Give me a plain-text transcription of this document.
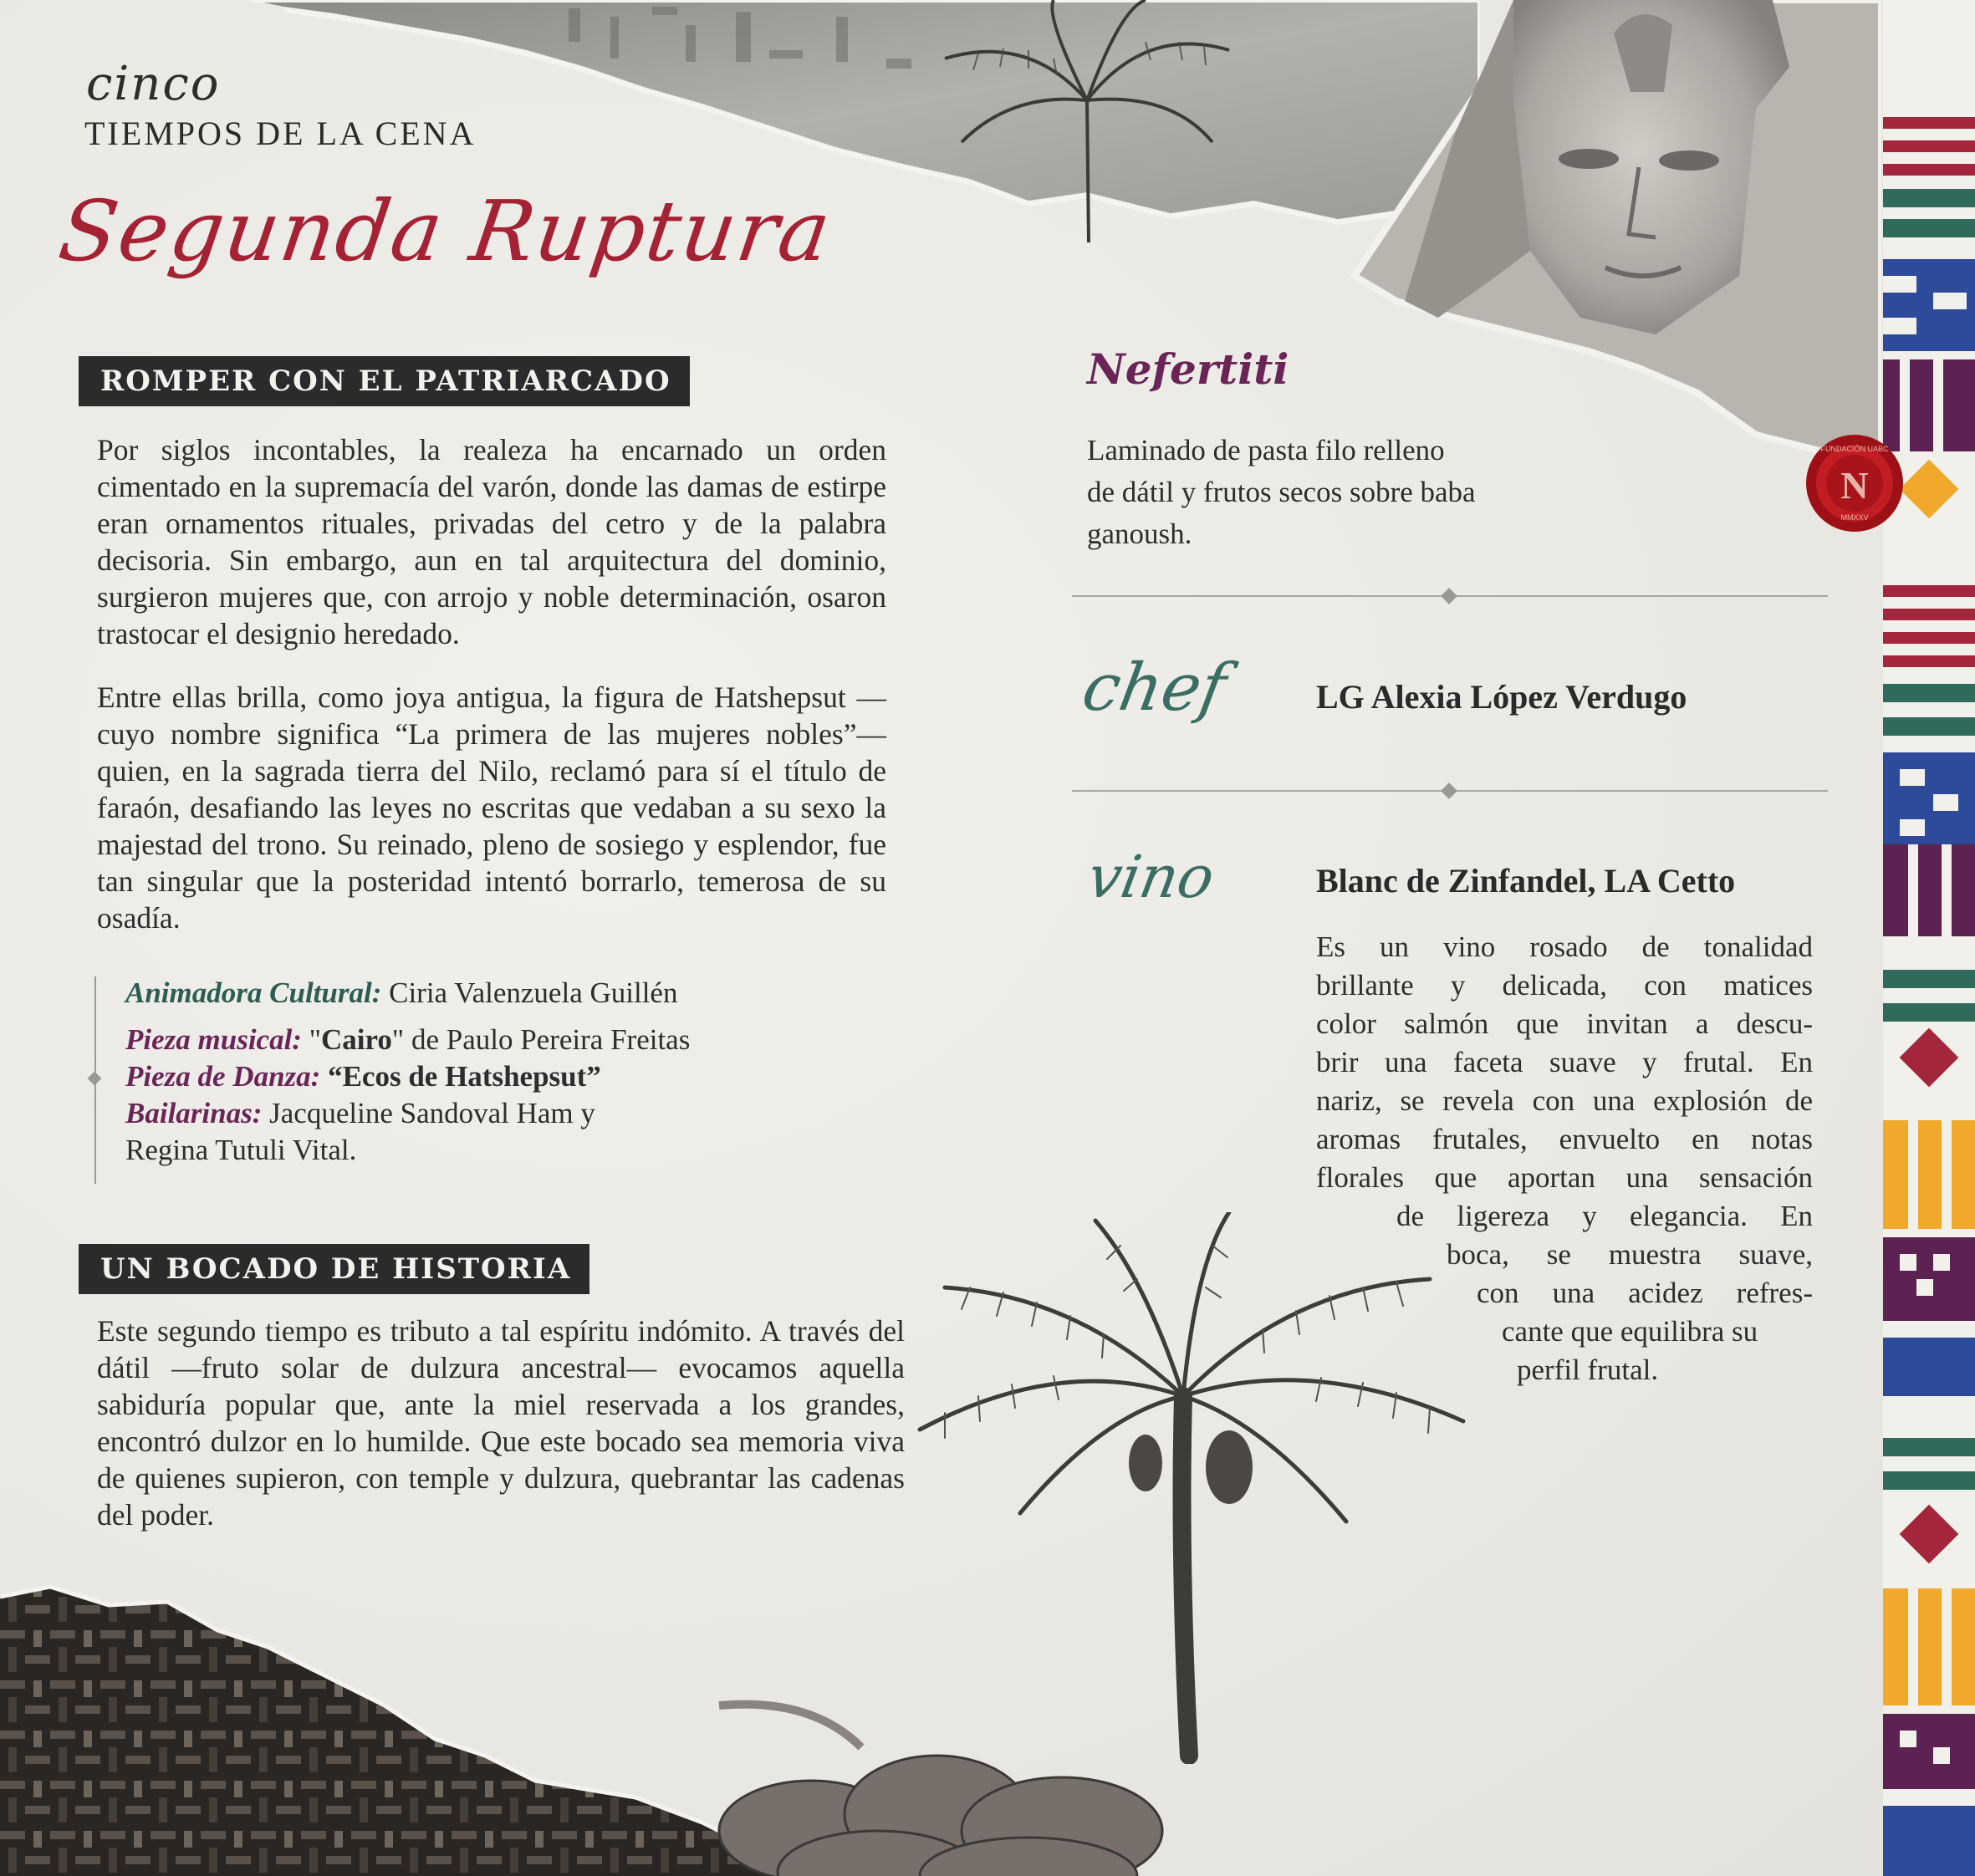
N
FUNDACIÓN UABC
MMXXV
cinco
TIEMPOS DE LA CENA
Segunda Ruptura
ROMPER CON EL PATRIARCADO
Por siglos incontables, la realeza ha encarnado un orden cimentado en la supremacía del varón, donde las damas de estirpe eran ornamentos rituales, privadas del cetro y de la palabra decisoria. Sin embargo, aun en tal arquitectura del dominio, surgieron mujeres que, con arrojo y noble determinación, osaron trastocar el designio heredado.
Entre ellas brilla, como joya antigua, la figura de Hatshepsut —cuyo nombre significa “La primera de las mujeres nobles”— quien, en la sagrada tierra del Nilo, reclamó para sí el título de faraón, desafiando las leyes no escritas que vedaban a su sexo la majestad del trono. Su reinado, pleno de sosiego y esplendor, fue tan singular que la posteridad intentó borrarlo, temerosa de su osadía.
Animadora Cultural: Ciria Valenzuela Guillén
Pieza musical: "Cairo" de Paulo Pereira Freitas
Pieza de Danza: “Ecos de Hatshepsut”
Bailarinas: Jacqueline Sandoval Ham y
Regina Tutuli Vital.
UN BOCADO DE HISTORIA
Este segundo tiempo es tributo a tal espíritu indómito. A través del dátil —fruto solar de dulzura ancestral— evocamos aquella sabiduría popular que, ante la miel reservada a los grandes, encontró dulzor en lo humilde. Que este bocado sea memoria viva de quienes supieron, con temple y dulzura, quebrantar las cadenas del poder.
Nefertiti
Laminado de pasta filo relleno
de dátil y frutos secos sobre baba
ganoush.
chef	LG Alexia López Verdugo
vino	Blanc de Zinfandel, LA Cetto
Es un vino rosado de tonalidad
brillante y delicada, con matices
color salmón que invitan a descu-
brir una faceta suave y frutal. En
nariz, se revela con una explosión de
aromas frutales, envuelto en notas
florales que aportan una sensación
de ligereza y elegancia. En
boca, se muestra suave,
con una acidez refres-
cante que equilibra su
perfil frutal.
